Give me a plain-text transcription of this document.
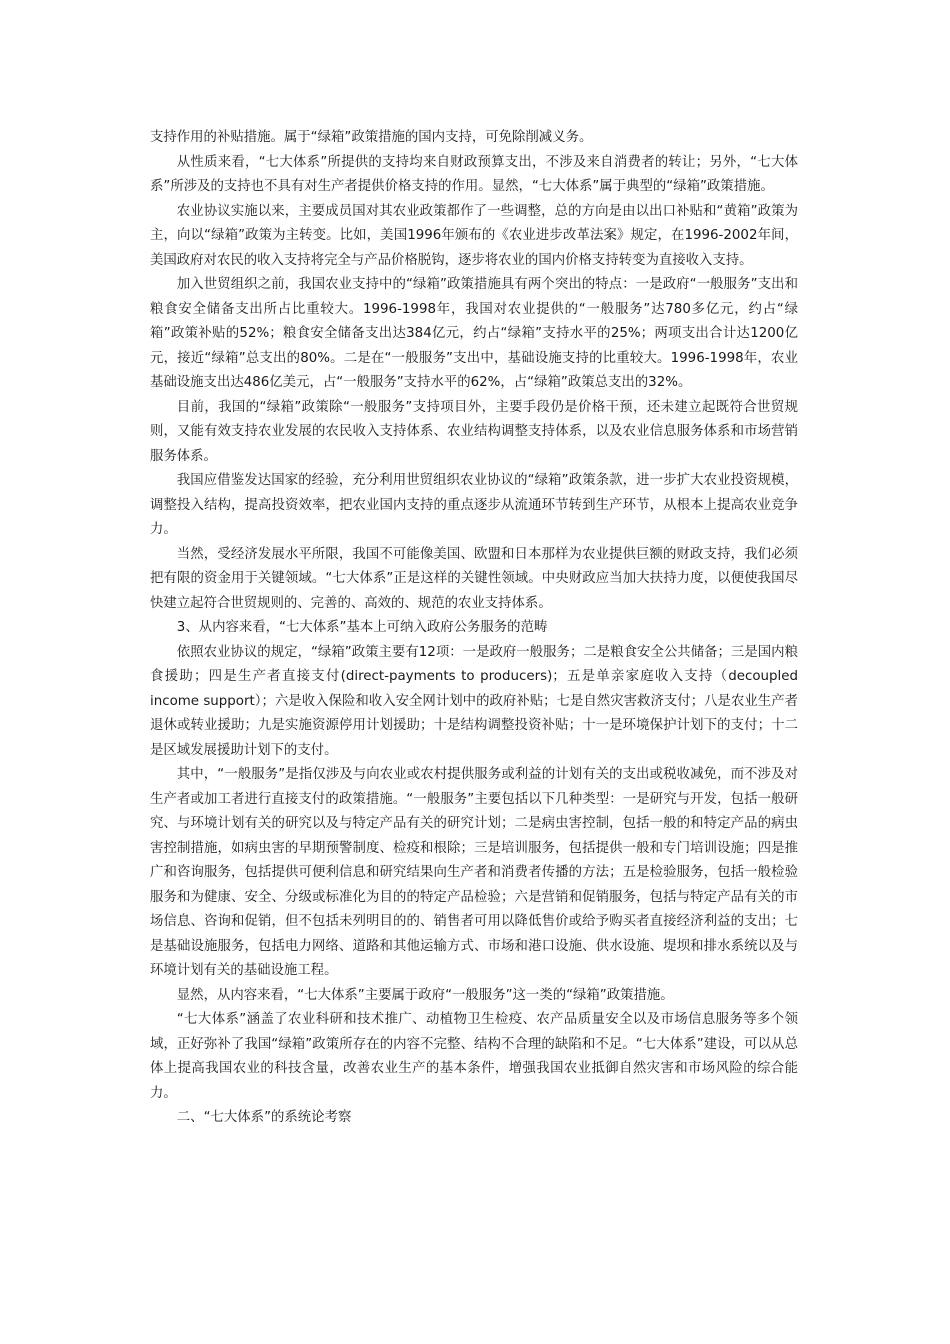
支持作用的补贴措施。属于“绿箱”政策措施的国内支持，可免除削减义务。

从性质来看，“七大体系”所提供的支持均来自财政预算支出，不涉及来自消费者的转让；另外，“七大体系”所涉及的支持也不具有对生产者提供价格支持的作用。显然，“七大体系”属于典型的“绿箱”政策措施。

农业协议实施以来，主要成员国对其农业政策都作了一些调整，总的方向是由以出口补贴和“黄箱”政策为主，向以“绿箱”政策为主转变。比如，美国1996年颁布的《农业进步改革法案》规定，在1996-2002年间，美国政府对农民的收入支持将完全与产品价格脱钩，逐步将农业的国内价格支持转变为直接收入支持。

加入世贸组织之前，我国农业支持中的“绿箱”政策措施具有两个突出的特点：一是政府“一般服务”支出和粮食安全储备支出所占比重较大。1996-1998年，我国对农业提供的“一般服务”达780多亿元，约占“绿箱”政策补贴的52%；粮食安全储备支出达384亿元，约占“绿箱”支持水平的25%；两项支出合计达1200亿元，接近“绿箱”总支出的80%。二是在“一般服务”支出中，基础设施支持的比重较大。1996-1998年，农业基础设施支出达486亿美元，占“一般服务”支持水平的62%，占“绿箱”政策总支出的32%。

目前，我国的“绿箱”政策除“一般服务”支持项目外，主要手段仍是价格干预，还未建立起既符合世贸规则，又能有效支持农业发展的农民收入支持体系、农业结构调整支持体系，以及农业信息服务体系和市场营销服务体系。

我国应借鉴发达国家的经验，充分利用世贸组织农业协议的“绿箱”政策条款，进一步扩大农业投资规模，调整投入结构，提高投资效率，把农业国内支持的重点逐步从流通环节转到生产环节，从根本上提高农业竞争力。

当然，受经济发展水平所限，我国不可能像美国、欧盟和日本那样为农业提供巨额的财政支持，我们必须把有限的资金用于关键领域。“七大体系”正是这样的关键性领域。中央财政应当加大扶持力度，以便使我国尽快建立起符合世贸规则的、完善的、高效的、规范的农业支持体系。

3、从内容来看，“七大体系”基本上可纳入政府公务服务的范畴

依照农业协议的规定，“绿箱”政策主要有12项：一是政府一般服务；二是粮食安全公共储备；三是国内粮食援助；四是生产者直接支付(direct-payments to producers)；五是单亲家庭收入支持（decoupled income support）；六是收入保险和收入安全网计划中的政府补贴；七是自然灾害救济支付；八是农业生产者退休或转业援助；九是实施资源停用计划援助；十是结构调整投资补贴；十一是环境保护计划下的支付；十二是区域发展援助计划下的支付。

其中，“一般服务”是指仅涉及与向农业或农村提供服务或利益的计划有关的支出或税收减免，而不涉及对生产者或加工者进行直接支付的政策措施。“一般服务”主要包括以下几种类型：一是研究与开发，包括一般研究、与环境计划有关的研究以及与特定产品有关的研究计划；二是病虫害控制，包括一般的和特定产品的病虫害控制措施，如病虫害的早期预警制度、检疫和根除；三是培训服务，包括提供一般和专门培训设施；四是推广和咨询服务，包括提供可便利信息和研究结果向生产者和消费者传播的方法；五是检验服务，包括一般检验服务和为健康、安全、分级或标准化为目的的特定产品检验；六是营销和促销服务，包括与特定产品有关的市场信息、咨询和促销，但不包括未列明目的的、销售者可用以降低售价或给予购买者直接经济利益的支出；七是基础设施服务，包括电力网络、道路和其他运输方式、市场和港口设施、供水设施、堤坝和排水系统以及与环境计划有关的基础设施工程。

显然，从内容来看，“七大体系”主要属于政府“一般服务”这一类的“绿箱”政策措施。

“七大体系”涵盖了农业科研和技术推广、动植物卫生检疫、农产品质量安全以及市场信息服务等多个领域，正好弥补了我国“绿箱”政策所存在的内容不完整、结构不合理的缺陷和不足。“七大体系”建设，可以从总体上提高我国农业的科技含量，改善农业生产的基本条件，增强我国农业抵御自然灾害和市场风险的综合能力。

二、“七大体系”的系统论考察
